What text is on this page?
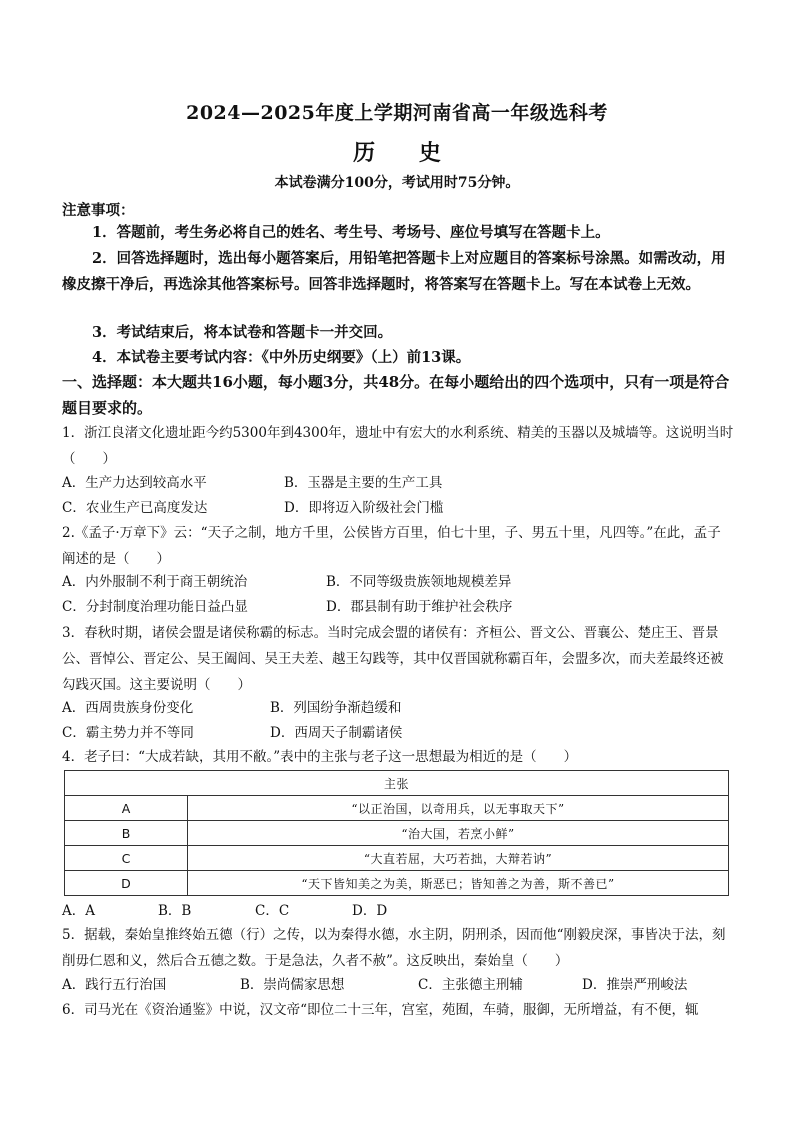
2024—2025年度上学期河南省高一年级选科考
历 史
本试卷满分100分，考试用时75分钟。
注意事项：
1．答题前，考生务必将自己的姓名、考生号、考场号、座位号填写在答题卡上。
2．回答选择题时，选出每小题答案后，用铅笔把答题卡上对应题目的答案标号涂黑。如需改动，用橡皮擦干净后，再选涂其他答案标号。回答非选择题时，将答案写在答题卡上。写在本试卷上无效。
3．考试结束后，将本试卷和答题卡一并交回。
4．本试卷主要考试内容：《中外历史纲要》（上）前13课。
一、选择题：本大题共16小题，每小题3分，共48分。在每小题给出的四个选项中，只有一项是符合题目要求的。
1．浙江良渚文化遗址距今约5300年到4300年，遗址中有宏大的水利系统、精美的玉器以及城墙等。这说明当时（　　）
A．生产力达到较高水平	B．玉器是主要的生产工具
C．农业生产已高度发达	D．即将迈入阶级社会门槛
2.《孟子·万章下》云：“天子之制，地方千里，公侯皆方百里，伯七十里，子、男五十里，凡四等。”在此，孟子阐述的是（　　）
A．内外服制不利于商王朝统治	B．不同等级贵族领地规模差异
C．分封制度治理功能日益凸显	D．郡县制有助于维护社会秩序
3．春秋时期，诸侯会盟是诸侯称霸的标志。当时完成会盟的诸侯有：齐桓公、晋文公、晋襄公、楚庄王、晋景公、晋悼公、晋定公、吴王阖闾、吴王夫差、越王勾践等，其中仅晋国就称霸百年，会盟多次，而夫差最终还被勾践灭国。这主要说明（　　）
A．西周贵族身份变化	B．列国纷争渐趋缓和
C．霸主势力并不等同	D．西周天子制霸诸侯
4．老子曰：“大成若缺，其用不敝。”表中的主张与老子这一思想最为相近的是（　　）
主张	
A	“以正治国，以奇用兵，以无事取天下”
B	“治大国，若烹小鲜”
C	“大直若屈，大巧若拙，大辩若讷”
D	“天下皆知美之为美，斯恶已；皆知善之为善，斯不善已”
A．A	B．B	C．C	D．D
5．据载，秦始皇推终始五德（行）之传，以为秦得水德，水主阴，阴刑杀，因而他“刚毅戾深，事皆决于法，刻削毋仁恩和义，然后合五德之数。于是急法，久者不赦”。这反映出，秦始皇（　　）
A．践行五行治国	B．崇尚儒家思想	C．主张德主刑辅	D．推崇严刑峻法
6．司马光在《资治通鉴》中说，汉文帝“即位二十三年，宫室，苑囿，车骑，服御，无所增益，有不便，辄
